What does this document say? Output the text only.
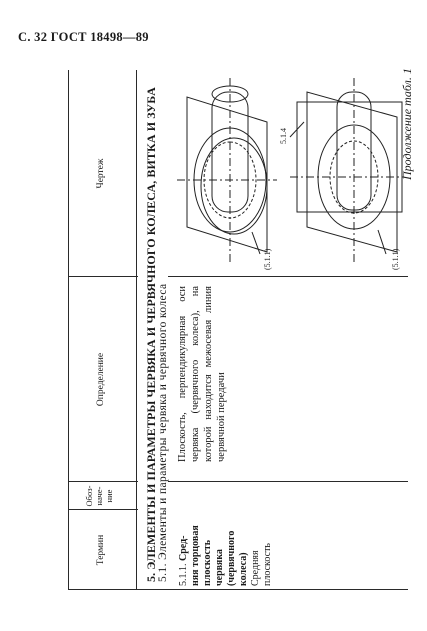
С. 32 ГОСТ 18498—89
Продолжение табл. 1
Термин
Обоз-
наче-
ние
Определение
Чертеж	5. ЭЛЕМЕНТЫ И ПАРАМЕТРЫ ЧЕРВЯКА И ЧЕРВЯЧНОГО КОЛЕСА, ВИТКА И ЗУБА 5.1. Элементы и параметры червяка и червячного колеса 5.1.1. Сред-
няя торцовая
плоскость
червяка
(червячного
колеса)
Средняя
плоскость
Плоскость, перпендикулярная оси червяка (червячного колеса), на которой находится межосевая линия червячной передачи
(5.1.1)
5.1.4
(5.1.1)
